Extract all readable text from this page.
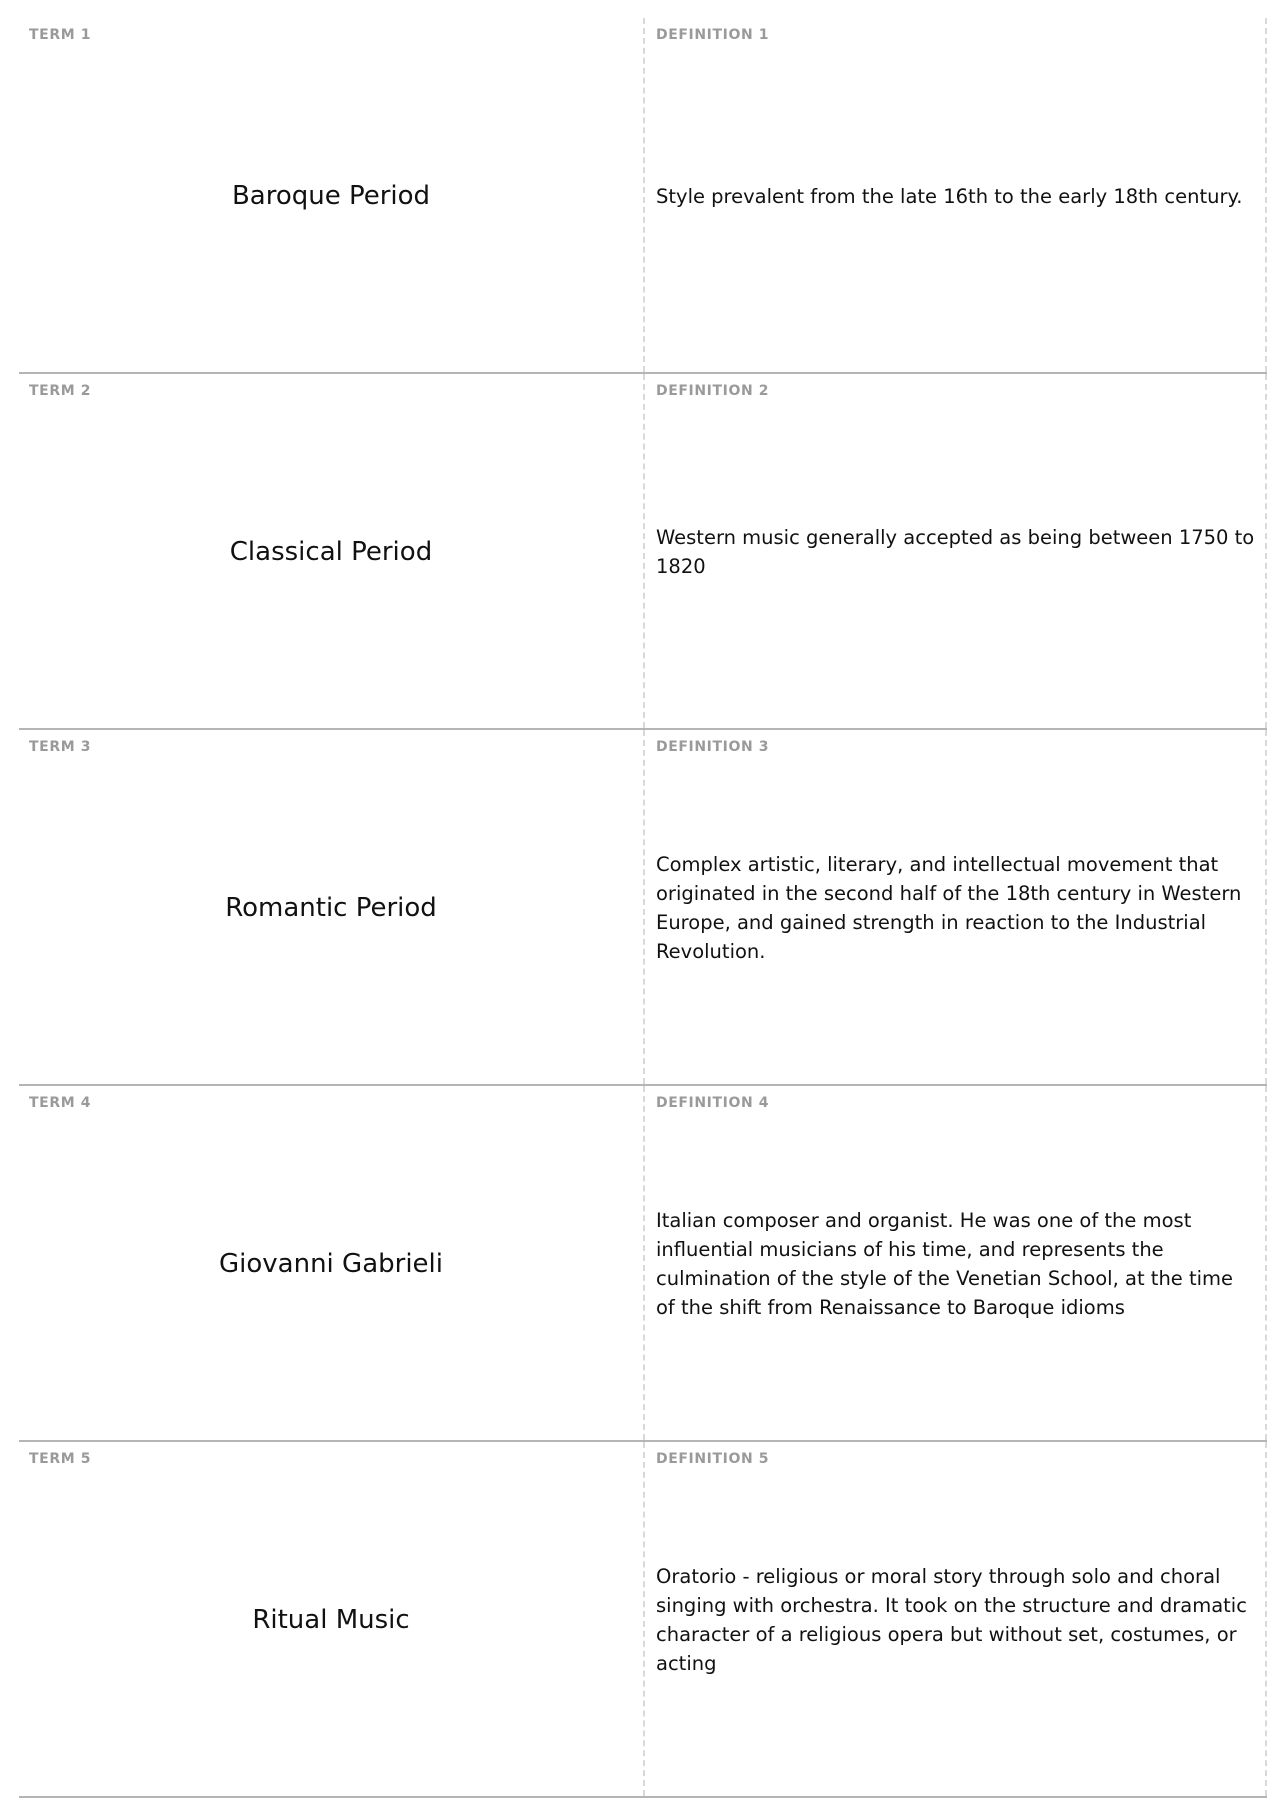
TERM 1
Baroque Period
DEFINITION 1
Style prevalent from the late 16th to the early 18th century.
TERM 2
Classical Period
DEFINITION 2
Western music generally accepted as being between 1750 to 1820
TERM 3
Romantic Period
DEFINITION 3
Complex artistic, literary, and intellectual movement that originated in the second half of the 18th century in Western Europe, and gained strength in reaction to the Industrial Revolution.
TERM 4
Giovanni Gabrieli
DEFINITION 4
Italian composer and organist. He was one of the most influential musicians of his time, and represents the culmination of the style of the Venetian School, at the time of the shift from Renaissance to Baroque idioms
TERM 5
Ritual Music
DEFINITION 5
Oratorio - religious or moral story through solo and choral singing with orchestra. It took on the structure and dramatic character of a religious opera but without set, costumes, or acting
